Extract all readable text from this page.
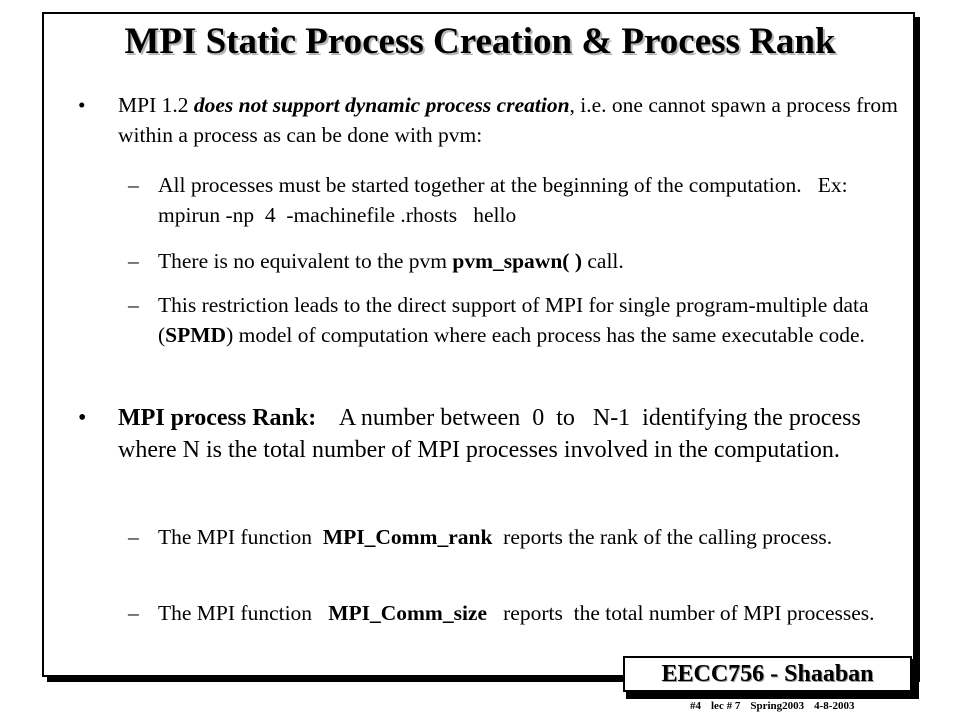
MPI Static Process Creation & Process Rank
• MPI 1.2 does not support dynamic process creation, i.e. one cannot spawn a process from within a process as can be done with pvm:
– All processes must be started together at the beginning of the computation.   Ex:   mpirun -np  4  -machinefile .rhosts   hello
– There is no equivalent to the pvm pvm_spawn( ) call.
– This restriction leads to the direct support of MPI for single program-multiple data (SPMD) model of computation where each process has the same executable code.
• MPI process Rank:    A number between  0  to   N-1  identifying the process where N is the total number of MPI processes involved in the computation.
– The MPI function  MPI_Comm_rank  reports the rank of the calling process.
– The MPI function   MPI_Comm_size   reports  the total number of MPI processes.
EECC756 - Shaaban
#4 lec # 7 Spring2003 4-8-2003
